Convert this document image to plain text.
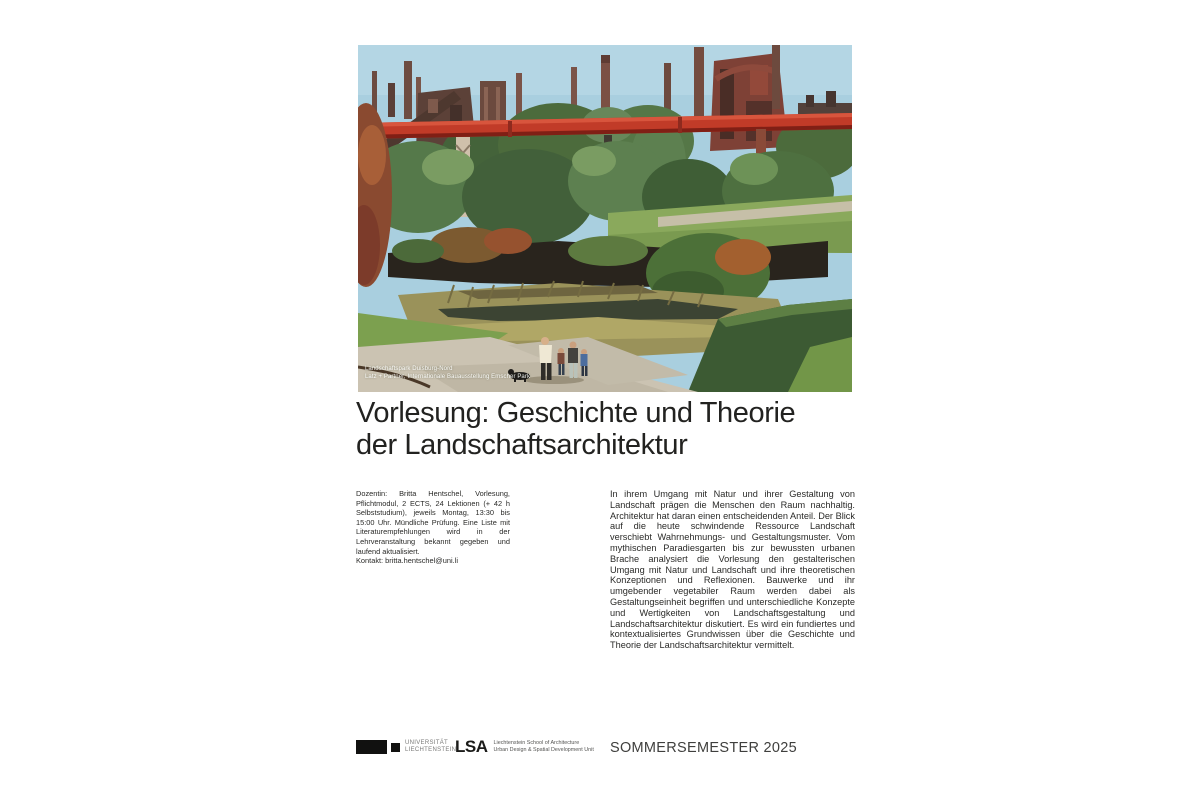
Landschaftspark Duisburg-Nord
Latz + Partner, Internationale Bauausstellung Emscher Park
Vorlesung: Geschichte und Theorie
der Landschaftsarchitektur

Dozentin: Britta Hentschel, Vorlesung, Pflichtmodul, 2 ECTS, 24 Lektionen (+ 42 h Selbststudium), jeweils Montag, 13:30 bis 15:00 Uhr. Mündliche Prüfung. Eine Liste mit Literaturempfehlungen wird in der Lehrveranstaltung bekannt gegeben und laufend aktualisiert.

Kontakt: britta.hentschel@uni.li

In ihrem Umgang mit Natur und ihrer Gestaltung von Landschaft prägen die Menschen den Raum nachhaltig. Architektur hat daran einen entscheidenden Anteil. Der Blick auf die heute schwindende Ressource Landschaft verschiebt Wahrnehmungs- und Gestaltungsmuster. Vom mythischen Paradiesgarten bis zur bewussten urbanen Brache analysiert die Vorlesung den gestalterischen Umgang mit Natur und Landschaft und ihre theoretischen Konzeptionen und Reflexionen. Bauwerke und ihr umgebender vegetabiler Raum werden dabei als Gestaltungseinheit begriffen und unterschiedliche Konzepte und Wertigkeiten von Landschaftsgestaltung und Landschaftsarchitektur diskutiert. Es wird ein fundiertes und kontextualisiertes Grundwissen über die Geschichte und Theorie der Landschaftsarchitektur vermittelt.
UNIVERSITÄT
LIECHTENSTEIN
LSA Liechtenstein School of Architecture
Urban Design & Spatial Development Unit SOMMERSEMESTER 2025
